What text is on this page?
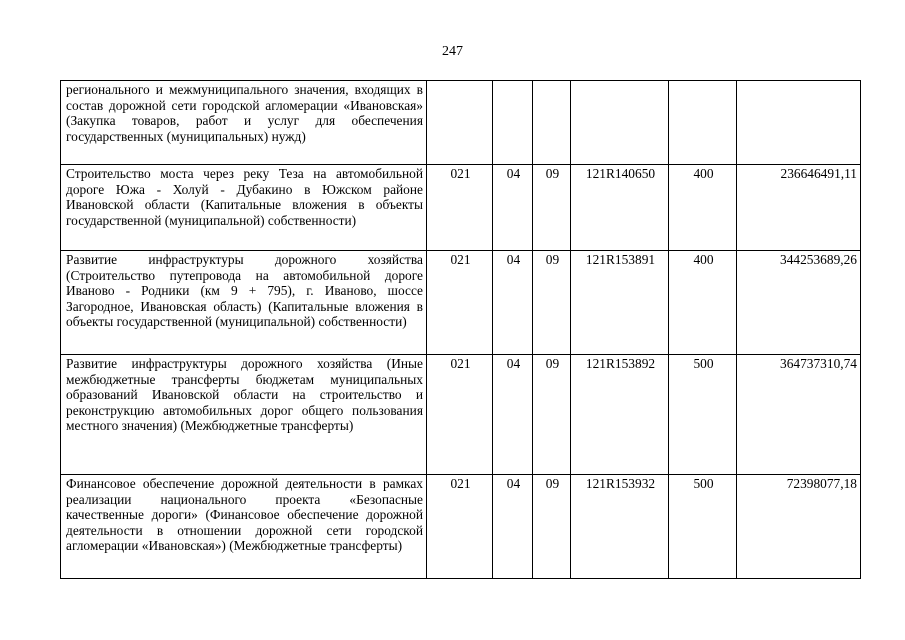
247
регионального и межмуниципального значения, входящих в состав дорожной сети городской агломерации «Ивановская» (Закупка товаров, работ и услуг для обеспечения государственных (муниципальных) нужд)						
Строительство моста через реку Теза на автомобильной дороге Южа - Холуй - Дубакино в Южском районе Ивановской области (Капитальные вложения в объекты государственной (муниципальной) собственности)	021	04	09	121R140650	400	236646491,11
Развитие инфраструктуры дорожного хозяйства (Строительство путепровода на автомобильной дороге Иваново - Родники (км 9 + 795), г. Иваново, шоссе Загородное, Ивановская область) (Капитальные вложения в объекты государственной (муниципальной) собственности)	021	04	09	121R153891	400	344253689,26
Развитие инфраструктуры дорожного хозяйства (Иные межбюджетные трансферты бюджетам муниципальных образований Ивановской области на строительство и реконструкцию автомобильных дорог общего пользования местного значения) (Межбюджетные трансферты)	021	04	09	121R153892	500	364737310,74
Финансовое обеспечение дорожной деятельности в рамках реализации национального проекта «Безопасные качественные дороги» (Финансовое обеспечение дорожной деятельности в отношении дорожной сети городской агломерации «Ивановская») (Межбюджетные трансферты)	021	04	09	121R153932	500	72398077,18
